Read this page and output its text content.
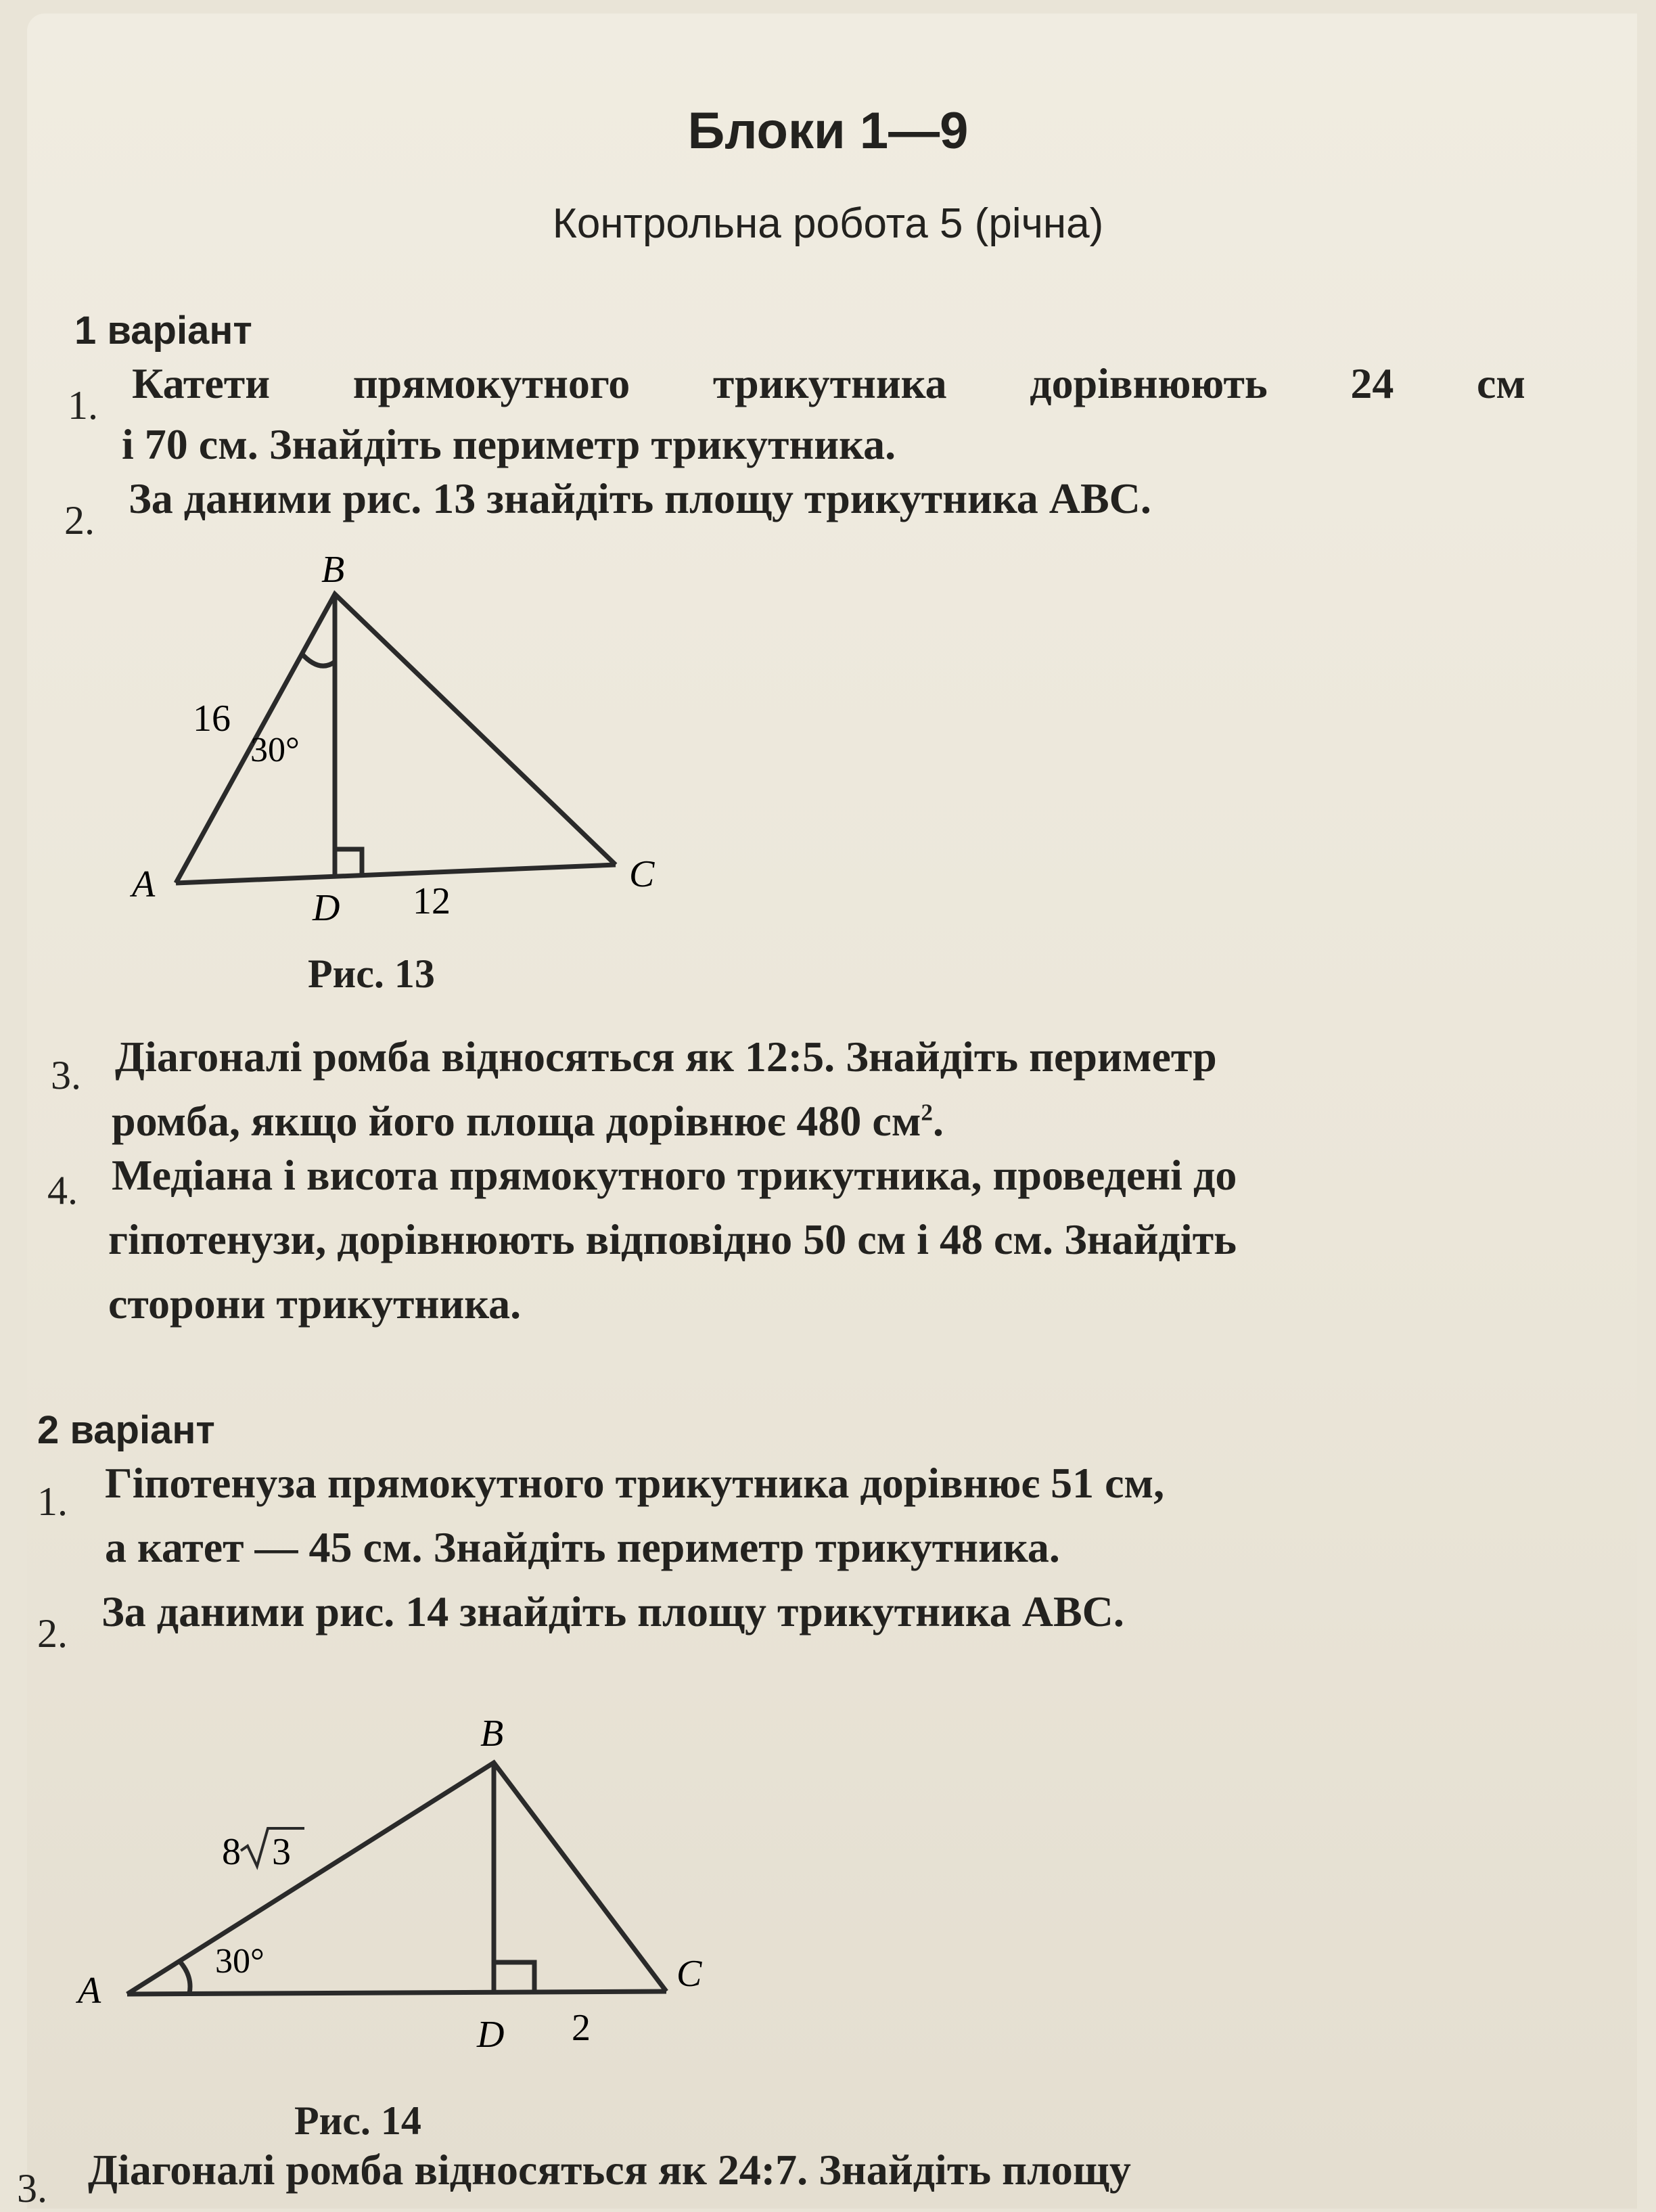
Блоки 1—9
Контрольна робота 5 (річна)
1 варіант
1. Катети прямокутного трикутника дорівнюють 24 см
і 70 см. Знайдіть периметр трикутника.
2. За даними рис. 13 знайдіть площу трикутника ABC.
B
A	C
D
16
30°
12
Рис. 13
3. Діагоналі ромба відносяться як 12:5. Знайдіть периметр
ромба, якщо його площа дорівнює 480 $см^2$.
4. Медіана і висота прямокутного трикутника, проведені до
гіпотенузи, дорівнюють відповідно 50 см і 48 см. Знайдіть
сторони трикутника.
2 варіант
1. Гіпотенуза прямокутного трикутника дорівнює 51 см,
а катет — 45 см. Знайдіть периметр трикутника.
2. За даними рис. 14 знайдіть площу трикутника ABC.
B
A	C
D
8 3
30°
2
Рис. 14
3. Діагоналі ромба відносяться як 24:7. Знайдіть площу
